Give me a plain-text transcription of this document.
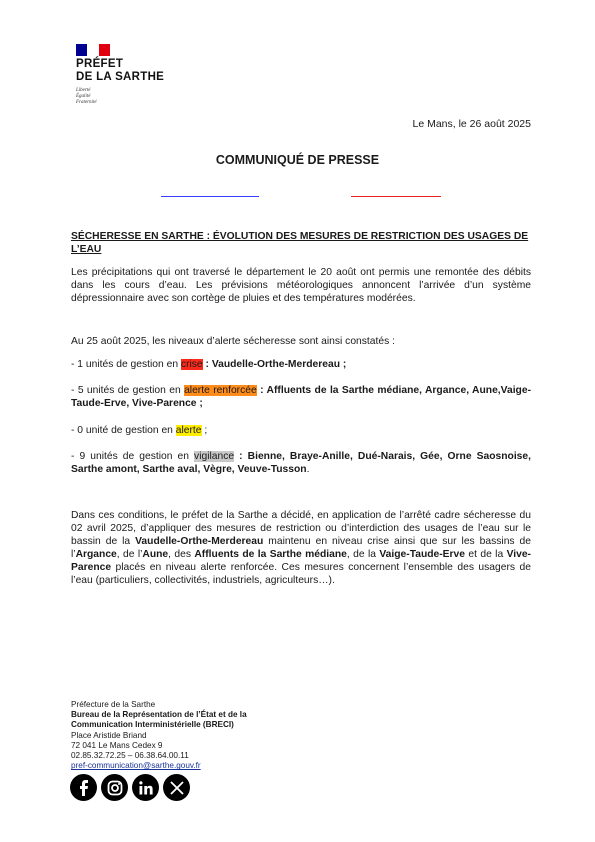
PRÉFET
DE LA SARTHE
Liberté
Égalité
Fraternité
Le Mans, le 26 août 2025
COMMUNIQUÉ DE PRESSE
SÉCHERESSE EN SARTHE : ÉVOLUTION DES MESURES DE RESTRICTION DES USAGES DE L’EAU
Les précipitations qui ont traversé le département le 20 août ont permis une remontée des débits dans les cours d’eau. Les prévisions météorologiques annoncent l’arrivée d’un système dépressionnaire avec son cortège de pluies et des températures modérées.
Au 25 août 2025, les niveaux d’alerte sécheresse sont ainsi constatés :
- 1 unités de gestion en crise : Vaudelle-Orthe-Merdereau ;
- 5 unités de gestion en alerte renforcée : Affluents de la Sarthe médiane, Argance, Aune,Vaige-Taude-Erve, Vive-Parence ;
- 0 unité de gestion en alerte ;
- 9 unités de gestion en vigilance : Bienne, Braye-Anille, Dué-Narais, Gée, Orne Saosnoise, Sarthe amont, Sarthe aval, Vègre, Veuve-Tusson.
Dans ces conditions, le préfet de la Sarthe a décidé, en application de l’arrêté cadre sécheresse du 02 avril 2025, d’appliquer des mesures de restriction ou d’interdiction des usages de l’eau sur le bassin de la Vaudelle-Orthe-Merdereau maintenu en niveau crise ainsi que sur les bassins de l’Argance, de l’Aune, des Affluents de la Sarthe médiane, de la Vaige-Taude-Erve et de la Vive-Parence placés en niveau alerte renforcée. Ces mesures concernent l’ensemble des usagers de l’eau (particuliers, collectivités, industriels, agriculteurs…).
Préfecture de la Sarthe
Bureau de la Représentation de l’État et de la
Communication Interministérielle (BRECI)
Place Aristide Briand
72 041 Le Mans Cedex 9
02.85.32.72.25 – 06.38.64.00.11
pref-communication@sarthe.gouv.fr
